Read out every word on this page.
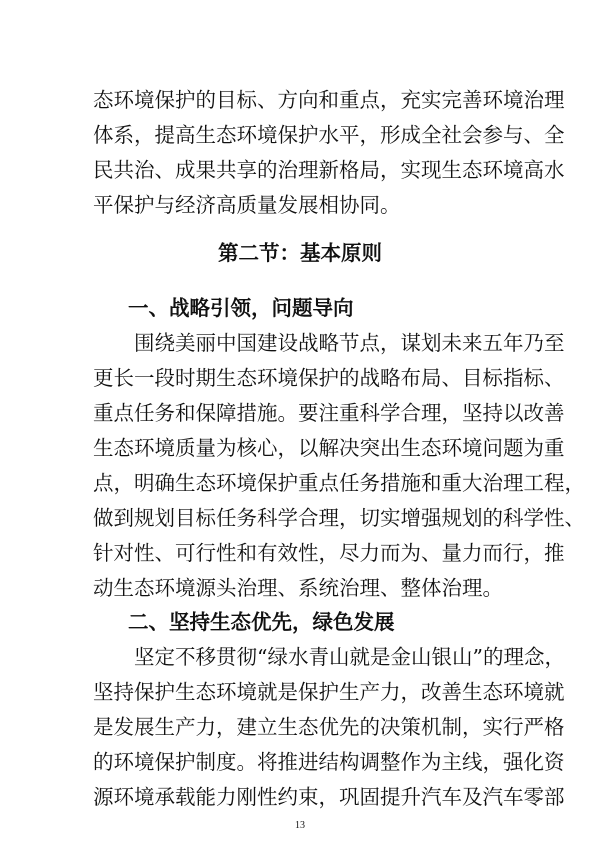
态环境保护的目标、方向和重点，充实完善环境治理
体系，提高生态环境保护水平，形成全社会参与、全
民共治、成果共享的治理新格局，实现生态环境高水
平保护与经济高质量发展相协同。
第二节：基本原则
一、战略引领，问题导向
　　围绕美丽中国建设战略节点，谋划未来五年乃至
更长一段时期生态环境保护的战略布局、目标指标、
重点任务和保障措施。要注重科学合理，坚持以改善
生态环境质量为核心，以解决突出生态环境问题为重
点，明确生态环境保护重点任务措施和重大治理工程，
做到规划目标任务科学合理，切实增强规划的科学性、
针对性、可行性和有效性，尽力而为、量力而行，推
动生态环境源头治理、系统治理、整体治理。
二、坚持生态优先，绿色发展
　　坚定不移贯彻“绿水青山就是金山银山”的理念，
坚持保护生态环境就是保护生产力，改善生态环境就
是发展生产力，建立生态优先的决策机制，实行严格
的环境保护制度。将推进结构调整作为主线，强化资
源环境承载能力刚性约束，巩固提升汽车及汽车零部
13
